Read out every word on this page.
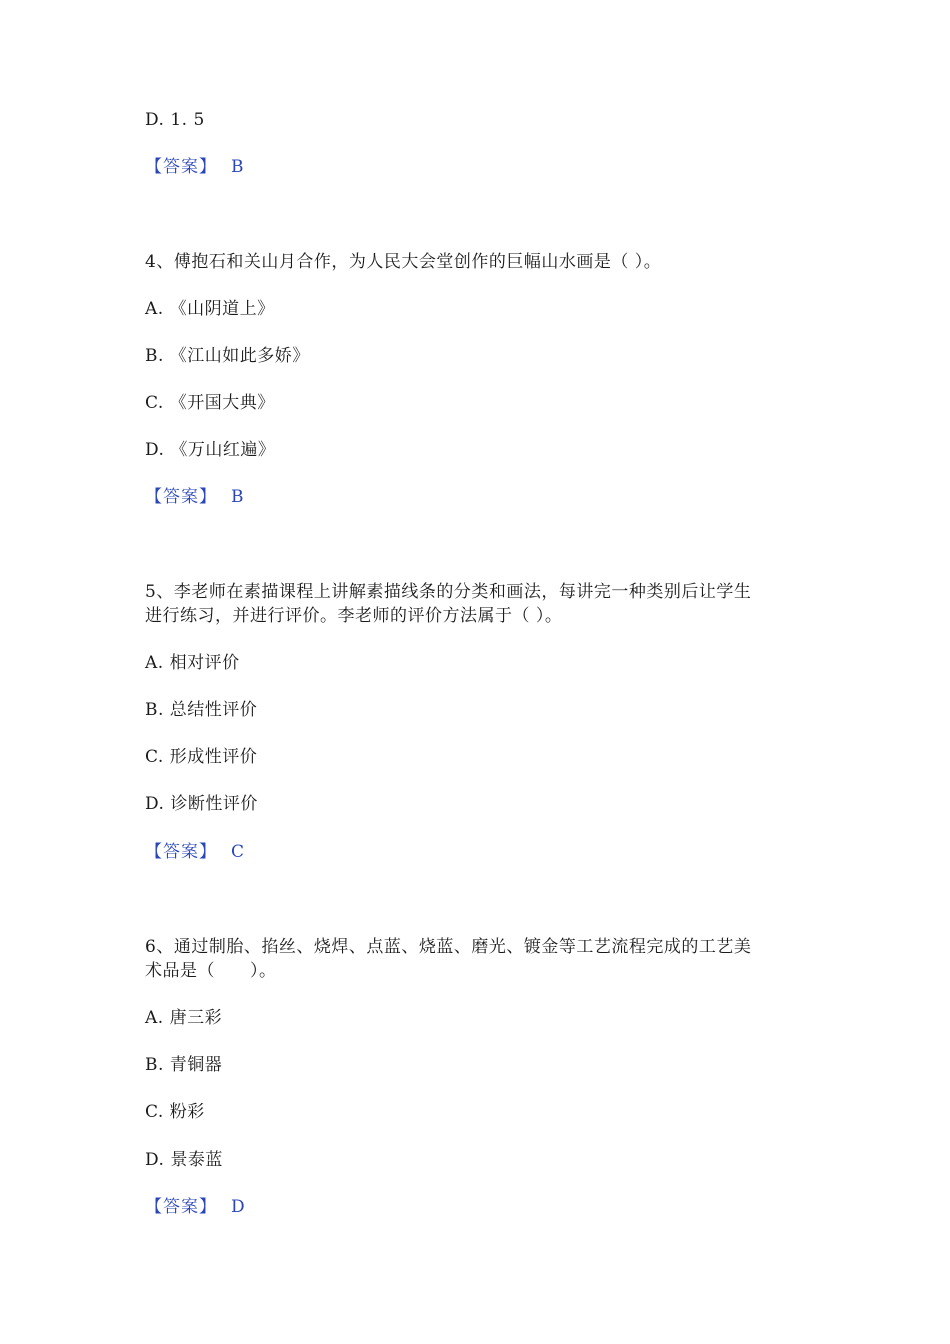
D. 1. 5
【答案】 B
4、傅抱石和关山月合作，为人民大会堂创作的巨幅山水画是（ ）。
A. 《山阴道上》
B. 《江山如此多娇》
C. 《开国大典》
D. 《万山红遍》
【答案】 B
5、李老师在素描课程上讲解素描线条的分类和画法，每讲完一种类别后让学生
进行练习，并进行评价。李老师的评价方法属于（ ）。
A. 相对评价
B. 总结性评价
C. 形成性评价
D. 诊断性评价
【答案】 C
6、通过制胎、掐丝、烧焊、点蓝、烧蓝、磨光、镀金等工艺流程完成的工艺美
术品是（　　）。
A. 唐三彩
B. 青铜器
C. 粉彩
D. 景泰蓝
【答案】 D
